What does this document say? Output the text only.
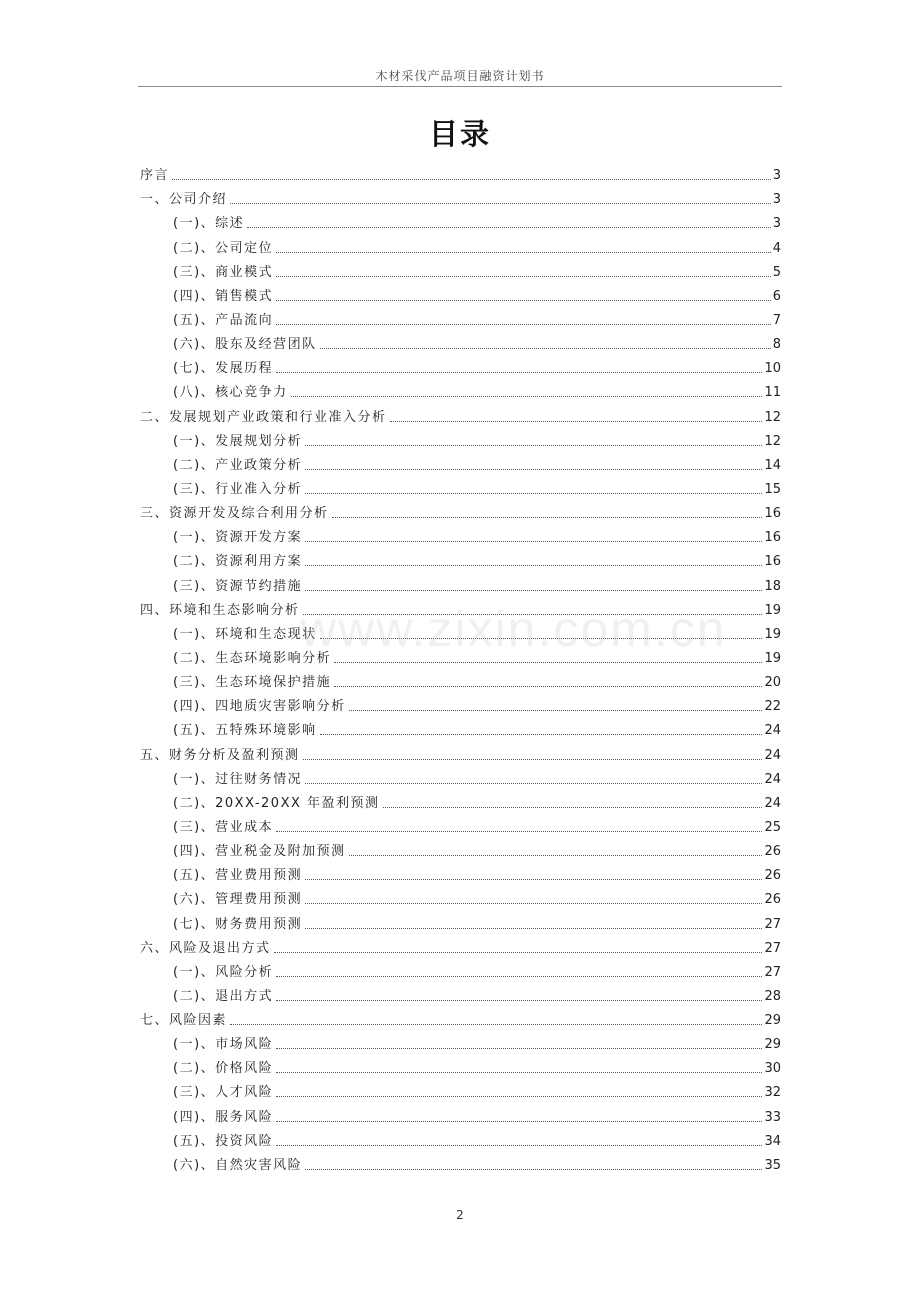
木材采伐产品项目融资计划书
目录
序言	3
一、公司介绍	3
(一)、综述	3
(二)、公司定位	4
(三)、商业模式	5
(四)、销售模式	6
(五)、产品流向	7
(六)、股东及经营团队	8
(七)、发展历程	10
(八)、核心竞争力	11
二、发展规划产业政策和行业准入分析	12
(一)、发展规划分析	12
(二)、产业政策分析	14
(三)、行业准入分析	15
三、资源开发及综合利用分析	16
(一)、资源开发方案	16
(二)、资源利用方案	16
(三)、资源节约措施	18
四、环境和生态影响分析	19
(一)、环境和生态现状	19
(二)、生态环境影响分析	19
(三)、生态环境保护措施	20
(四)、四地质灾害影响分析	22
(五)、五特殊环境影响	24
五、财务分析及盈利预测	24
(一)、过往财务情况	24
(二)、20XX-20XX 年盈利预测	24
(三)、营业成本	25
(四)、营业税金及附加预测	26
(五)、营业费用预测	26
(六)、管理费用预测	26
(七)、财务费用预测	27
六、风险及退出方式	27
(一)、风险分析	27
(二)、退出方式	28
七、风险因素	29
(一)、市场风险	29
(二)、价格风险	30
(三)、人才风险	32
(四)、服务风险	33
(五)、投资风险	34
(六)、自然灾害风险	35
www.zixin.com.cn
2
